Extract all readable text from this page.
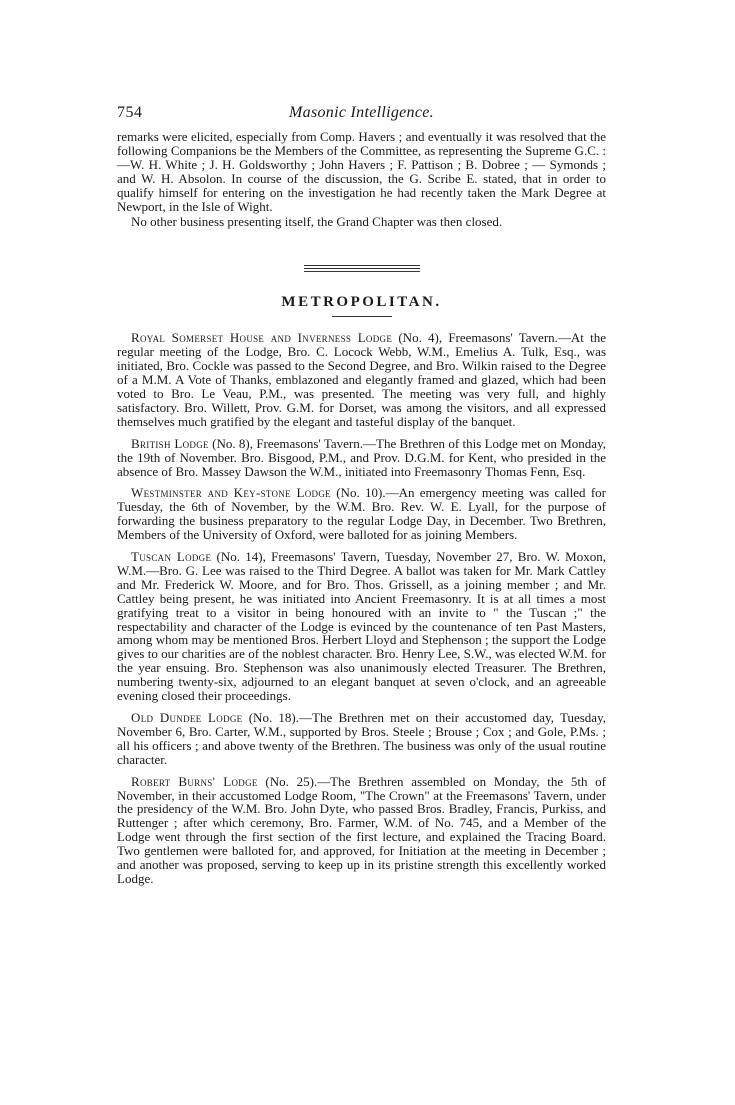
754	Masonic Intelligence.

remarks were elicited, especially from Comp. Havers ; and eventually it was resolved that the following Companions be the Members of the Committee, as representing the Supreme G.C. :—W. H. White ; J. H. Goldsworthy ; John Havers ; F. Pattison ; B. Dobree ; — Symonds ; and W. H. Absolon. In course of the discussion, the G. Scribe E. stated, that in order to qualify himself for entering on the investigation he had recently taken the Mark Degree at Newport, in the Isle of Wight.

No other business presenting itself, the Grand Chapter was then closed.

METROPOLITAN.

Royal Somerset House and Inverness Lodge (No. 4), Freemasons' Tavern.—At the regular meeting of the Lodge, Bro. C. Locock Webb, W.M., Emelius A. Tulk, Esq., was initiated, Bro. Cockle was passed to the Second Degree, and Bro. Wilkin raised to the Degree of a M.M. A Vote of Thanks, emblazoned and elegantly framed and glazed, which had been voted to Bro. Le Veau, P.M., was presented. The meeting was very full, and highly satisfactory. Bro. Willett, Prov. G.M. for Dorset, was among the visitors, and all expressed themselves much gratified by the elegant and tasteful display of the banquet.

British Lodge (No. 8), Freemasons' Tavern.—The Brethren of this Lodge met on Monday, the 19th of November. Bro. Bisgood, P.M., and Prov. D.G.M. for Kent, who presided in the absence of Bro. Massey Dawson the W.M., initiated into Freemasonry Thomas Fenn, Esq.

Westminster and Key-stone Lodge (No. 10).—An emergency meeting was called for Tuesday, the 6th of November, by the W.M. Bro. Rev. W. E. Lyall, for the purpose of forwarding the business preparatory to the regular Lodge Day, in December. Two Brethren, Members of the University of Oxford, were balloted for as joining Members.

Tuscan Lodge (No. 14), Freemasons' Tavern, Tuesday, November 27, Bro. W. Moxon, W.M.—Bro. G. Lee was raised to the Third Degree. A ballot was taken for Mr. Mark Cattley and Mr. Frederick W. Moore, and for Bro. Thos. Grissell, as a joining member ; and Mr. Cattley being present, he was initiated into Ancient Freemasonry. It is at all times a most gratifying treat to a visitor in being honoured with an invite to " the Tuscan ;" the respectability and character of the Lodge is evinced by the countenance of ten Past Masters, among whom may be mentioned Bros. Herbert Lloyd and Stephenson ; the support the Lodge gives to our charities are of the noblest character. Bro. Henry Lee, S.W., was elected W.M. for the year ensuing. Bro. Stephenson was also unanimously elected Treasurer. The Brethren, numbering twenty-six, adjourned to an elegant banquet at seven o'clock, and an agreeable evening closed their proceedings.

Old Dundee Lodge (No. 18).—The Brethren met on their accustomed day, Tuesday, November 6, Bro. Carter, W.M., supported by Bros. Steele ; Brouse ; Cox ; and Gole, P.Ms. ; all his officers ; and above twenty of the Brethren. The business was only of the usual routine character.

Robert Burns' Lodge (No. 25).—The Brethren assembled on Monday, the 5th of November, in their accustomed Lodge Room, "The Crown" at the Freemasons' Tavern, under the presidency of the W.M. Bro. John Dyte, who passed Bros. Bradley, Francis, Purkiss, and Ruttenger ; after which ceremony, Bro. Farmer, W.M. of No. 745, and a Member of the Lodge went through the first section of the first lecture, and explained the Tracing Board. Two gentlemen were balloted for, and approved, for Initiation at the meeting in December ; and another was proposed, serving to keep up in its pristine strength this excellently worked Lodge.
